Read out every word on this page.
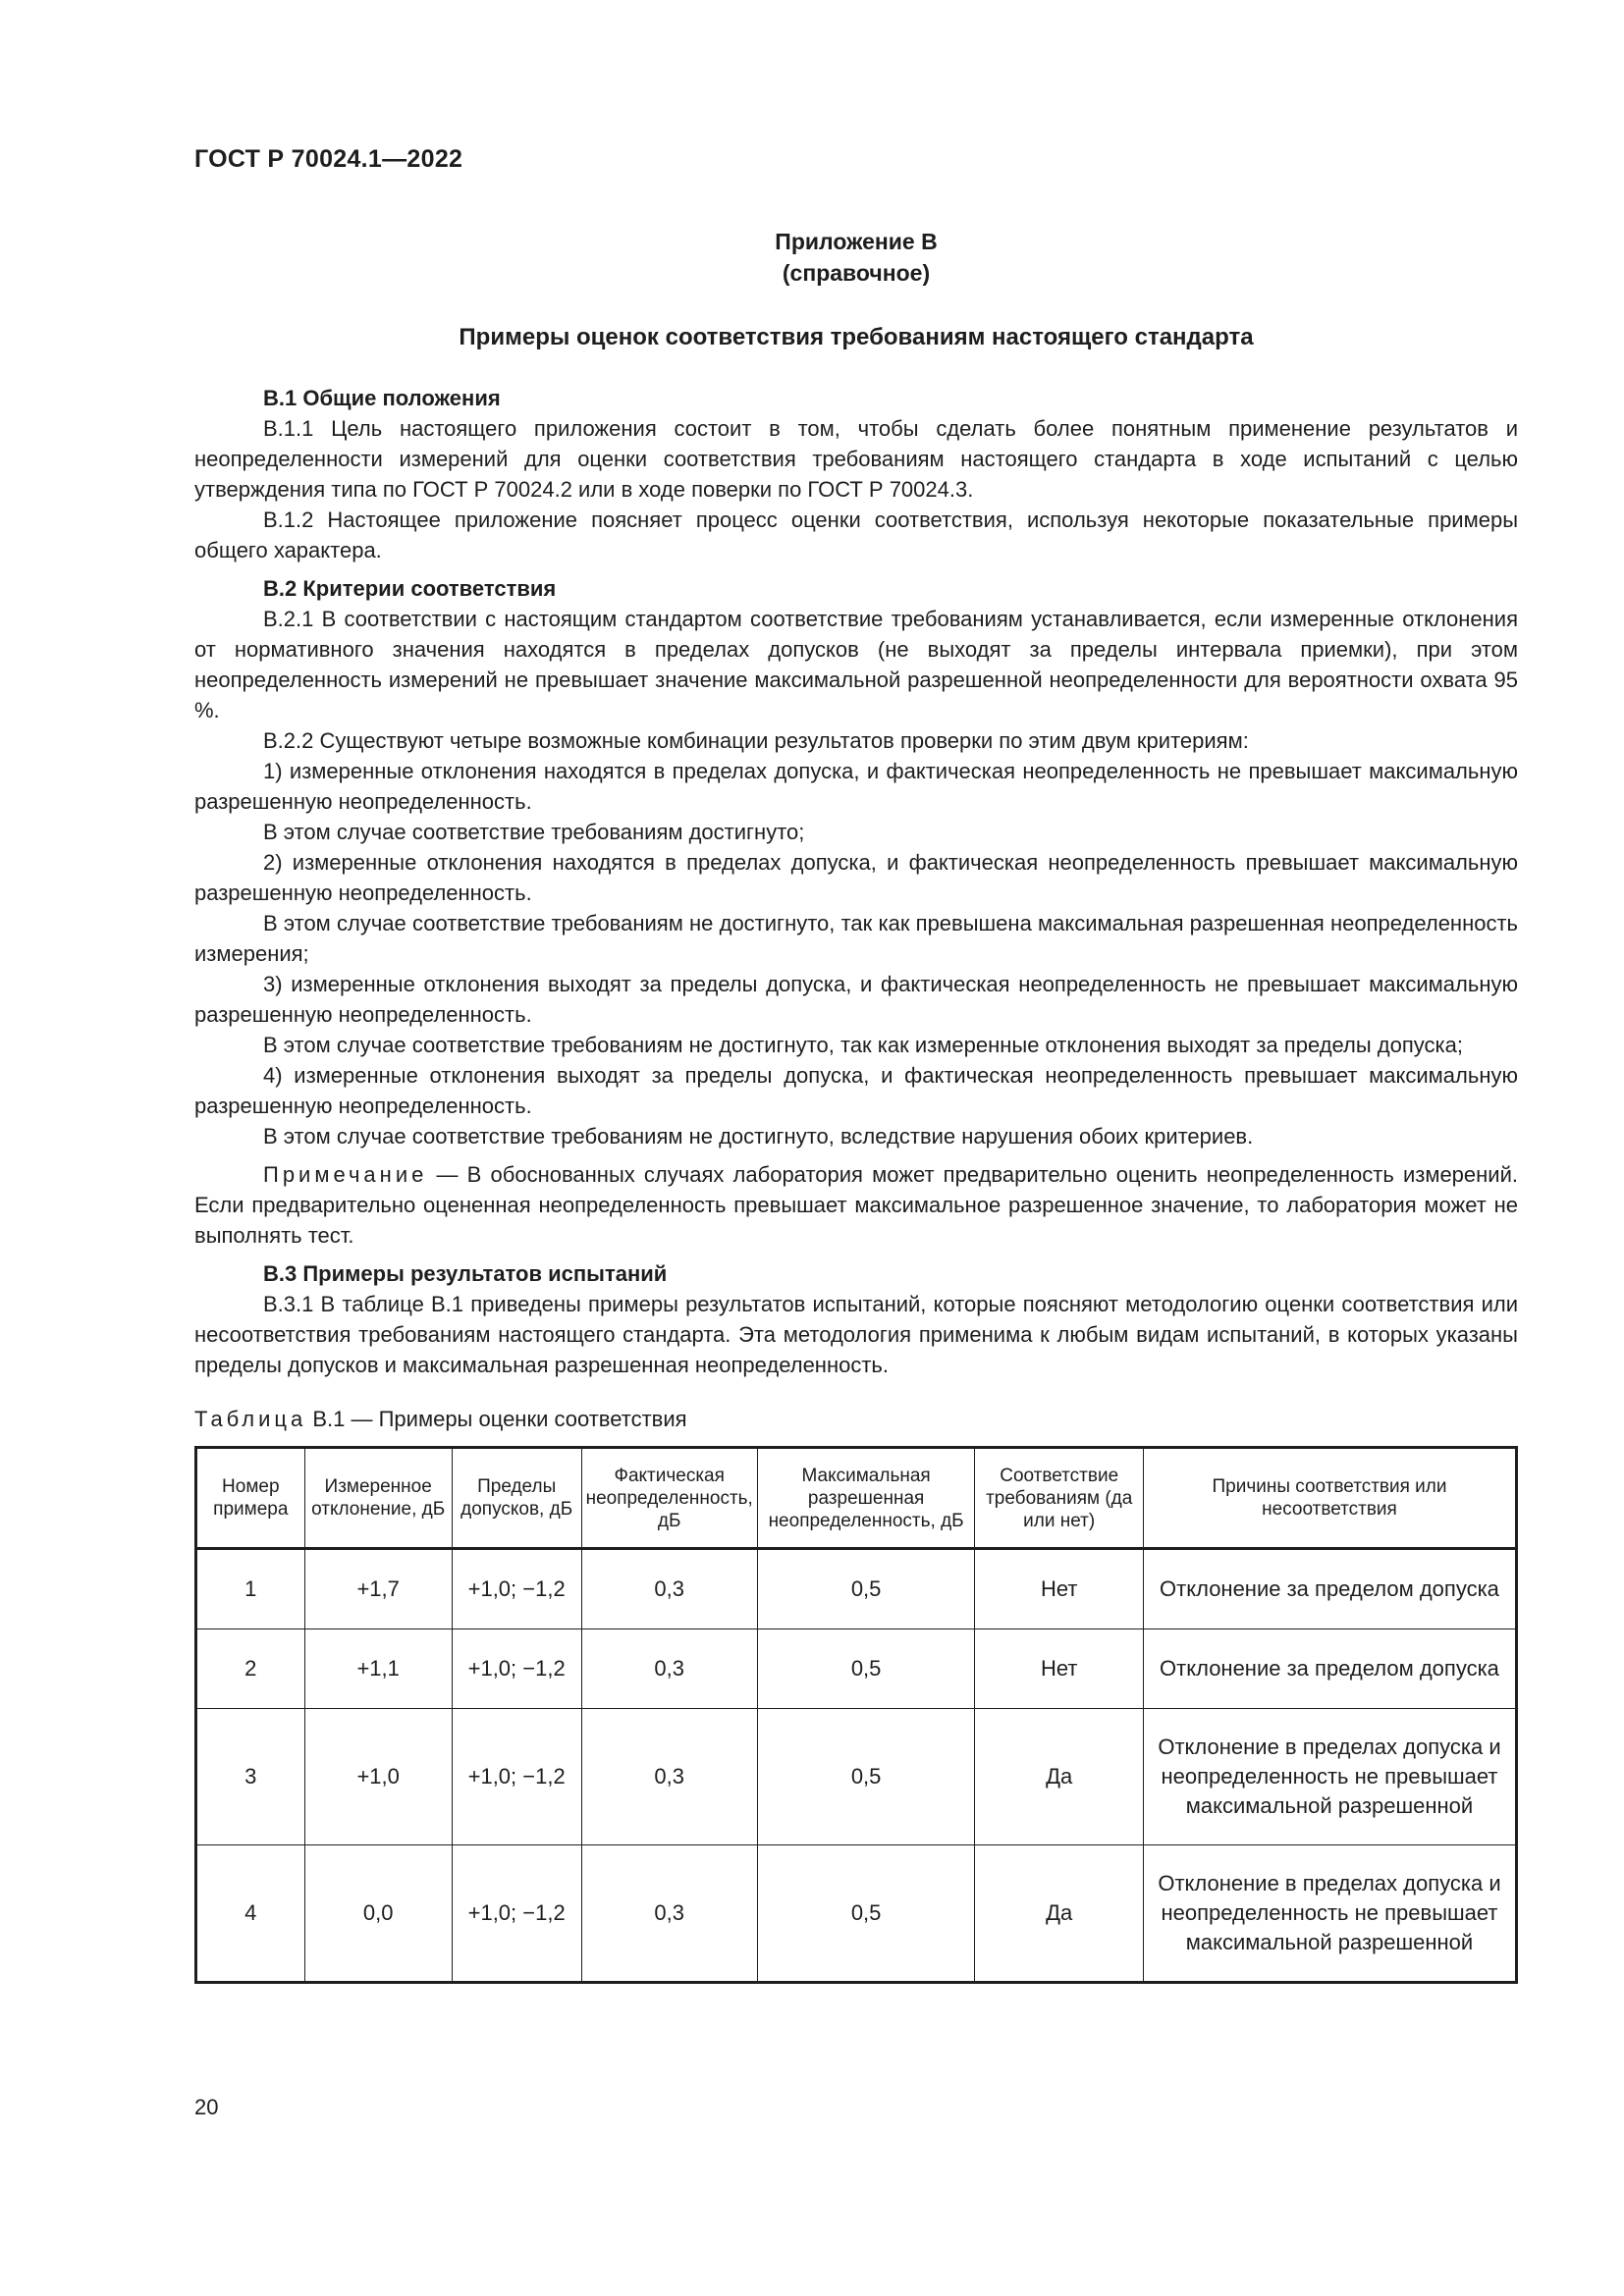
ГОСТ Р 70024.1—2022
Приложение В
(справочное)
Примеры оценок соответствия требованиям настоящего стандарта

В.1 Общие положения

В.1.1 Цель настоящего приложения состоит в том, чтобы сделать более понятным применение результатов и неопределенности измерений для оценки соответствия требованиям настоящего стандарта в ходе испытаний с целью утверждения типа по ГОСТ Р 70024.2 или в ходе поверки по ГОСТ Р 70024.3.

В.1.2 Настоящее приложение поясняет процесс оценки соответствия, используя некоторые показательные примеры общего характера.

В.2 Критерии соответствия

В.2.1 В соответствии с настоящим стандартом соответствие требованиям устанавливается, если измеренные отклонения от нормативного значения находятся в пределах допусков (не выходят за пределы интервала приемки), при этом неопределенность измерений не превышает значение максимальной разрешенной неопределенности для вероятности охвата 95 %.

В.2.2 Существуют четыре возможные комбинации результатов проверки по этим двум критериям:

1) измеренные отклонения находятся в пределах допуска, и фактическая неопределенность не превышает максимальную разрешенную неопределенность.

В этом случае соответствие требованиям достигнуто;

2) измеренные отклонения находятся в пределах допуска, и фактическая неопределенность превышает максимальную разрешенную неопределенность.

В этом случае соответствие требованиям не достигнуто, так как превышена максимальная разрешенная неопределенность измерения;

3) измеренные отклонения выходят за пределы допуска, и фактическая неопределенность не превышает максимальную разрешенную неопределенность.

В этом случае соответствие требованиям не достигнуто, так как измеренные отклонения выходят за пределы допуска;

4) измеренные отклонения выходят за пределы допуска, и фактическая неопределенность превышает максимальную разрешенную неопределенность.

В этом случае соответствие требованиям не достигнуто, вследствие нарушения обоих критериев.

Примечание — В обоснованных случаях лаборатория может предварительно оценить неопределенность измерений. Если предварительно оцененная неопределенность превышает максимальное разрешенное значение, то лаборатория может не выполнять тест.

В.3 Примеры результатов испытаний

В.3.1 В таблице В.1 приведены примеры результатов испытаний, которые поясняют методологию оценки соответствия или несоответствия требованиям настоящего стандарта. Эта методология применима к любым видам испытаний, в которых указаны пределы допусков и максимальная разрешенная неопределенность.

Таблица В.1 — Примеры оценки соответствия

Номер примера	Измеренное отклонение, дБ	Пределы допусков, дБ	Фактическая неопределенность, дБ	Максимальная разрешенная неопределенность, дБ	Соответствие требованиям (да или нет)	Причины соответствия или несоответствия
1	+1,7	+1,0; −1,2	0,3	0,5	Нет	Отклонение за пределом допуска
2	+1,1	+1,0; −1,2	0,3	0,5	Нет	Отклонение за пределом допуска
3	+1,0	+1,0; −1,2	0,3	0,5	Да	Отклонение в пределах допуска и неопределенность не превышает максимальной разрешенной
4	0,0	+1,0; −1,2	0,3	0,5	Да	Отклонение в пределах допуска и неопределенность не превышает максимальной разрешенной
20
